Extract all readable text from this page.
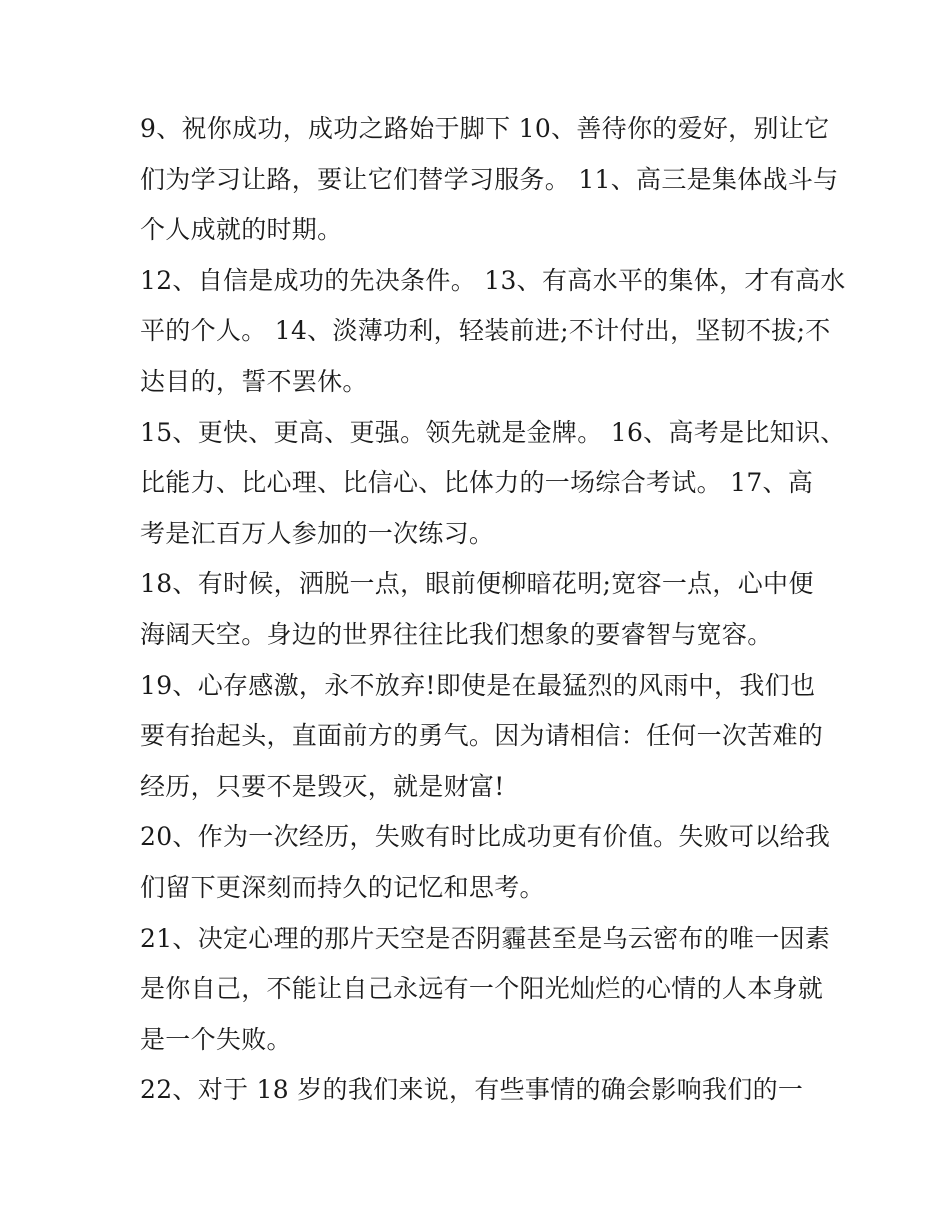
9、祝你成功，成功之路始于脚下 10、善待你的爱好，别让它
们为学习让路，要让它们替学习服务。 11、高三是集体战斗与
个人成就的时期。
12、自信是成功的先决条件。 13、有高水平的集体，才有高水
平的个人。 14、淡薄功利，轻装前进;不计付出，坚韧不拔;不
达目的，誓不罢休。
15、更快、更高、更强。领先就是金牌。 16、高考是比知识、
比能力、比心理、比信心、比体力的一场综合考试。 17、高
考是汇百万人参加的一次练习。
18、有时候，洒脱一点，眼前便柳暗花明;宽容一点，心中便
海阔天空。身边的世界往往比我们想象的要睿智与宽容。
19、心存感激，永不放弃!即使是在最猛烈的风雨中，我们也
要有抬起头，直面前方的勇气。因为请相信：任何一次苦难的
经历，只要不是毁灭，就是财富!
20、作为一次经历，失败有时比成功更有价值。失败可以给我
们留下更深刻而持久的记忆和思考。
21、决定心理的那片天空是否阴霾甚至是乌云密布的唯一因素
是你自己，不能让自己永远有一个阳光灿烂的心情的人本身就
是一个失败。
22、对于 18 岁的我们来说，有些事情的确会影响我们的一
